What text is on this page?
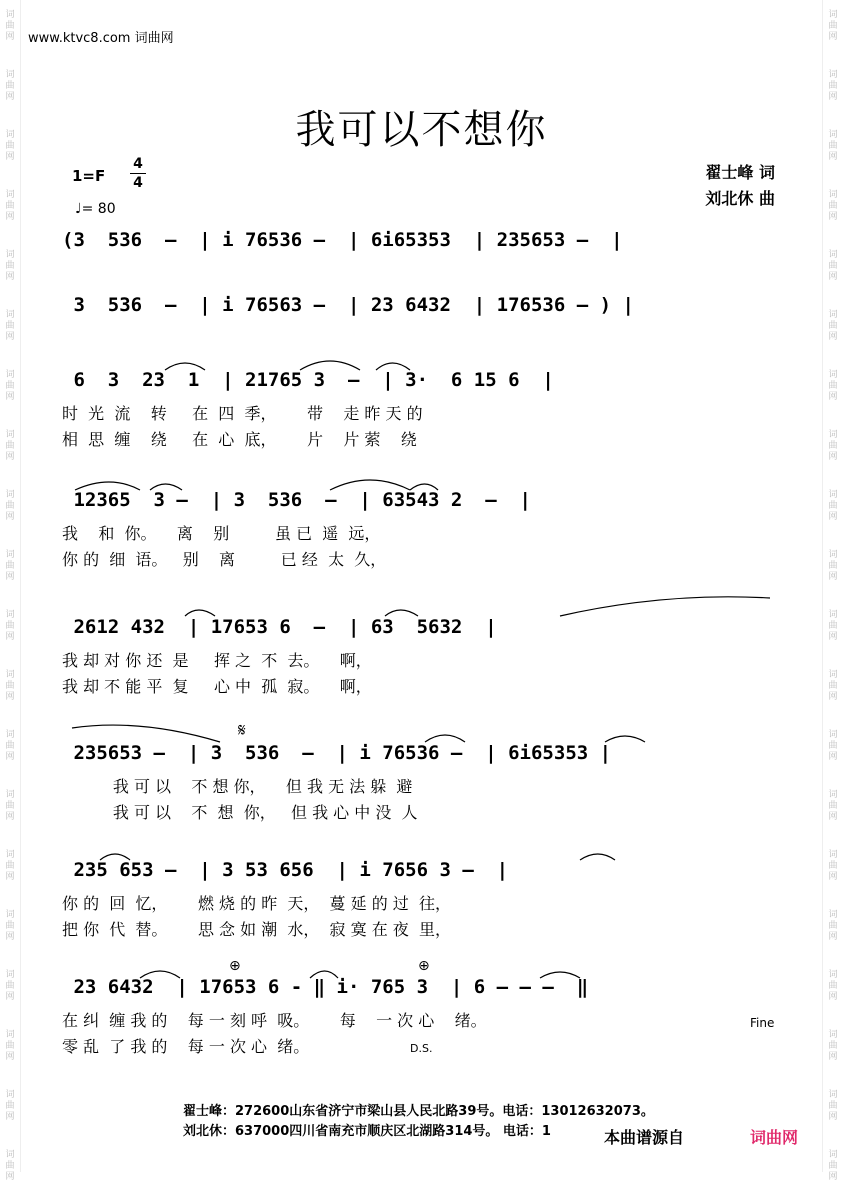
词
曲
网
词
曲
网
词
曲
网
词
曲
网
词
曲
网
词
曲
网
词
曲
网
词
曲
网
词
曲
网
词
曲
网
词
曲
网
词
曲
网
词
曲
网
词
曲
网
词
曲
网
词
曲
网
词
曲
网
词
曲
网
词
曲
网
词
曲
网
词
曲
网
词
曲
网
词
曲
网
词
曲
网
词
曲
网
词
曲
网
词
曲
网
词
曲
网
词
曲
网
词
曲
网
词
曲
网
词
曲
网
词
曲
网
词
曲
网
词
曲
网
词
曲
网
词
曲
网
词
曲
网
词
曲
网
词
曲
网
www.ktvc8.com 词曲网
我可以不想你
1=F
4
4
♩= 80
翟士峰 词
刘北休 曲
(3  536  –  | i 76536 –  | 6i65353  | 235653 –  |
3  536  –  | i 76563 –  | 23 6432  | 176536 – ) |
6  3  23  1  | 21765 3  –  | 3·  6 15 6  |
时  光  流    转     在  四  季，      带    走 昨 天 的
相  思  缠    绕     在  心  底，      片    片 萦    绕
12365  3 –  | 3  536  –  | 63543 2  –  |
我    和  你。    离    别         虽 已  遥  远，
你 的  细  语。   别    离         已 经  太  久，
2612 432  | 17653 6  –  | 63  5632  |
我 却 对 你 还  是     挥 之  不  去。    啊，
我 却 不 能 平  复     心 中  孤  寂。    啊，
235653 –  | 3  536  –  | i 76536 –  | 6i65353 |
我 可 以    不 想 你，    但 我 无 法 躲  避
我 可 以    不  想  你，   但 我 心 中 没  人
235 653 –  | 3 53 656  | i 7656 3 –  |
你 的  回  忆，      燃 烧 的 昨  天，  蔓 延 的 过  往，
把 你  代  替。      思 念 如 潮  水，  寂 寞 在 夜  里，
23 6432  | 17653 6 - ‖ i· 765 3  | 6 – – –  ‖
在 纠  缠 我 的    每 一 刻 呼  吸。      每    一 次 心    绪。
零 乱  了 我 的    每 一 次 心  绪。
𝄋
⊕	⊕
Fine
D.S.
翟士峰：272600山东省济宁市梁山县人民北路39号。电话：13012632073。
刘北休：637000四川省南充市顺庆区北湖路314号。 电话：1	本曲谱源自	词曲网
